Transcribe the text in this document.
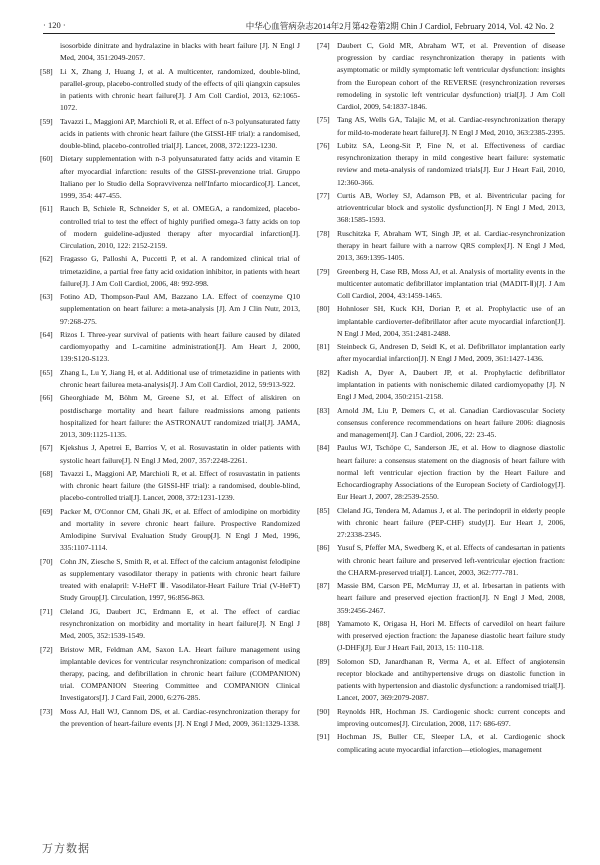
· 120 ·	中华心血管病杂志2014年2月第42卷第2期 Chin J Cardiol, February 2014, Vol. 42 No. 2
isosorbide dinitrate and hydralazine in blacks with heart failure [J]. N Engl J Med, 2004, 351:2049-2057.
[58] Li X, Zhang J, Huang J, et al. A multicenter, randomized, double-blind, parallel-group, placebo-controlled study of the effects of qili qiangxin capsules in patients with chronic heart failure[J]. J Am Coll Cardiol, 2013, 62:1065-1072.
[59] Tavazzi L, Maggioni AP, Marchioli R, et al. Effect of n-3 polyunsaturated fatty acids in patients with chronic heart failure (the GISSI-HF trial): a randomised, double-blind, placebo-controlled trial[J]. Lancet, 2008, 372:1223-1230.
[60] Dietary supplementation with n-3 polyunsaturated fatty acids and vitamin E after myocardial infarction: results of the GISSI-prevenzione trial. Gruppo Italiano per lo Studio della Sopravvivenza nell'Infarto miocardico[J]. Lancet, 1999, 354: 447-455.
[61] Rauch B, Schiele R, Schneider S, et al. OMEGA, a randomized, placebo-controlled trial to test the effect of highly purified omega-3 fatty acids on top of modern guideline-adjusted therapy after myocardial infarction[J]. Circulation, 2010, 122: 2152-2159.
[62] Fragasso G, Palloshi A, Puccetti P, et al. A randomized clinical trial of trimetazidine, a partial free fatty acid oxidation inhibitor, in patients with heart failure[J]. J Am Coll Cardiol, 2006, 48: 992-998.
[63] Fotino AD, Thompson-Paul AM, Bazzano LA. Effect of coenzyme Q10 supplementation on heart failure: a meta-analysis [J]. Am J Clin Nutr, 2013, 97:268-275.
[64] Rizos I. Three-year survival of patients with heart failure caused by dilated cardiomyopathy and L-carnitine administration[J]. Am Heart J, 2000, 139:S120-S123.
[65] Zhang L, Lu Y, Jiang H, et al. Additional use of trimetazidine in patients with chronic heart failurea meta-analysis[J]. J Am Coll Cardiol, 2012, 59:913-922.
[66] Gheorghiade M, Böhm M, Greene SJ, et al. Effect of aliskiren on postdischarge mortality and heart failure readmissions among patients hospitalized for heart failure: the ASTRONAUT randomized trial[J]. JAMA, 2013, 309:1125-1135.
[67] Kjekshus J, Apetrei E, Barrios V, et al. Rosuvastatin in older patients with systolic heart failure[J]. N Engl J Med, 2007, 357:2248-2261.
[68] Tavazzi L, Maggioni AP, Marchioli R, et al. Effect of rosuvastatin in patients with chronic heart failure (the GISSI-HF trial): a randomised, double-blind, placebo-controlled trial[J]. Lancet, 2008, 372:1231-1239.
[69] Packer M, O'Connor CM, Ghali JK, et al. Effect of amlodipine on morbidity and mortality in severe chronic heart failure. Prospective Randomized Amlodipine Survival Evaluation Study Group[J]. N Engl J Med, 1996, 335:1107-1114.
[70] Cohn JN, Ziesche S, Smith R, et al. Effect of the calcium antagonist felodipine as supplementary vasodilator therapy in patients with chronic heart failure treated with enalapril: V-HeFT Ⅲ. Vasodilator-Heart Failure Trial (V-HeFT) Study Group[J]. Circulation, 1997, 96:856-863.
[71] Cleland JG, Daubert JC, Erdmann E, et al. The effect of cardiac resynchronization on morbidity and mortality in heart failure[J]. N Engl J Med, 2005, 352:1539-1549.
[72] Bristow MR, Feldman AM, Saxon LA. Heart failure management using implantable devices for ventricular resynchronization: comparison of medical therapy, pacing, and defibrillation in chronic heart failure (COMPANION) trial. COMPANION Steering Committee and COMPANION Clinical Investigators[J]. J Card Fail, 2000, 6:276-285.
[73] Moss AJ, Hall WJ, Cannom DS, et al. Cardiac-resynchronization therapy for the prevention of heart-failure events [J]. N Engl J Med, 2009, 361:1329-1338.
[74] Daubert C, Gold MR, Abraham WT, et al. Prevention of disease progression by cardiac resynchronization therapy in patients with asymptomatic or mildly symptomatic left ventricular dysfunction: insights from the European cohort of the REVERSE (resynchronization reverses remodeling in systolic left ventricular dysfunction) trial[J]. J Am Coll Cardiol, 2009, 54:1837-1846.
[75] Tang AS, Wells GA, Talajic M, et al. Cardiac-resynchronization therapy for mild-to-moderate heart failure[J]. N Engl J Med, 2010, 363:2385-2395.
[76] Lubitz SA, Leong-Sit P, Fine N, et al. Effectiveness of cardiac resynchronization therapy in mild congestive heart failure: systematic review and meta-analysis of randomized trials[J]. Eur J Heart Fail, 2010, 12:360-366.
[77] Curtis AB, Worley SJ, Adamson PB, et al. Biventricular pacing for atrioventricular block and systolic dysfunction[J]. N Engl J Med, 2013, 368:1585-1593.
[78] Ruschitzka F, Abraham WT, Singh JP, et al. Cardiac-resynchronization therapy in heart failure with a narrow QRS complex[J]. N Engl J Med, 2013, 369:1395-1405.
[79] Greenberg H, Case RB, Moss AJ, et al. Analysis of mortality events in the multicenter automatic defibrillator implantation trial (MADIT-Ⅱ)[J]. J Am Coll Cardiol, 2004, 43:1459-1465.
[80] Hohnloser SH, Kuck KH, Dorian P, et al. Prophylactic use of an implantable cardioverter-defibrillator after acute myocardial infarction[J]. N Engl J Med, 2004, 351:2481-2488.
[81] Steinbeck G, Andresen D, Seidl K, et al. Defibrillator implantation early after myocardial infarction[J]. N Engl J Med, 2009, 361:1427-1436.
[82] Kadish A, Dyer A, Daubert JP, et al. Prophylactic defibrillator implantation in patients with nonischemic dilated cardiomyopathy [J]. N Engl J Med, 2004, 350:2151-2158.
[83] Arnold JM, Liu P, Demers C, et al. Canadian Cardiovascular Society consensus conference recommendations on heart failure 2006: diagnosis and management[J]. Can J Cardiol, 2006, 22: 23-45.
[84] Paulus WJ, Tschöpe C, Sanderson JE, et al. How to diagnose diastolic heart failure: a consensus statement on the diagnosis of heart failure with normal left ventricular ejection fraction by the Heart Failure and Echocardiography Associations of the European Society of Cardiology[J]. Eur Heart J, 2007, 28:2539-2550.
[85] Cleland JG, Tendera M, Adamus J, et al. The perindopril in elderly people with chronic heart failure (PEP-CHF) study[J]. Eur Heart J, 2006, 27:2338-2345.
[86] Yusuf S, Pfeffer MA, Swedberg K, et al. Effects of candesartan in patients with chronic heart failure and preserved left-ventricular ejection fraction: the CHARM-preserved trial[J]. Lancet, 2003, 362:777-781.
[87] Massie BM, Carson PE, McMurray JJ, et al. Irbesartan in patients with heart failure and preserved ejection fraction[J]. N Engl J Med, 2008, 359:2456-2467.
[88] Yamamoto K, Origasa H, Hori M. Effects of carvedilol on heart failure with preserved ejection fraction: the Japanese diastolic heart failure study (J-DHF)[J]. Eur J Heart Fail, 2013, 15: 110-118.
[89] Solomon SD, Janardhanan R, Verma A, et al. Effect of angiotensin receptor blockade and antihypertensive drugs on diastolic function in patients with hypertension and diastolic dysfunction: a randomised trial[J]. Lancet, 2007, 369:2079-2087.
[90] Reynolds HR, Hochman JS. Cardiogenic shock: current concepts and improving outcomes[J]. Circulation, 2008, 117: 686-697.
[91] Hochman JS, Buller CE, Sleeper LA, et al. Cardiogenic shock complicating acute myocardial infarction—etiologies, management
万方数据
